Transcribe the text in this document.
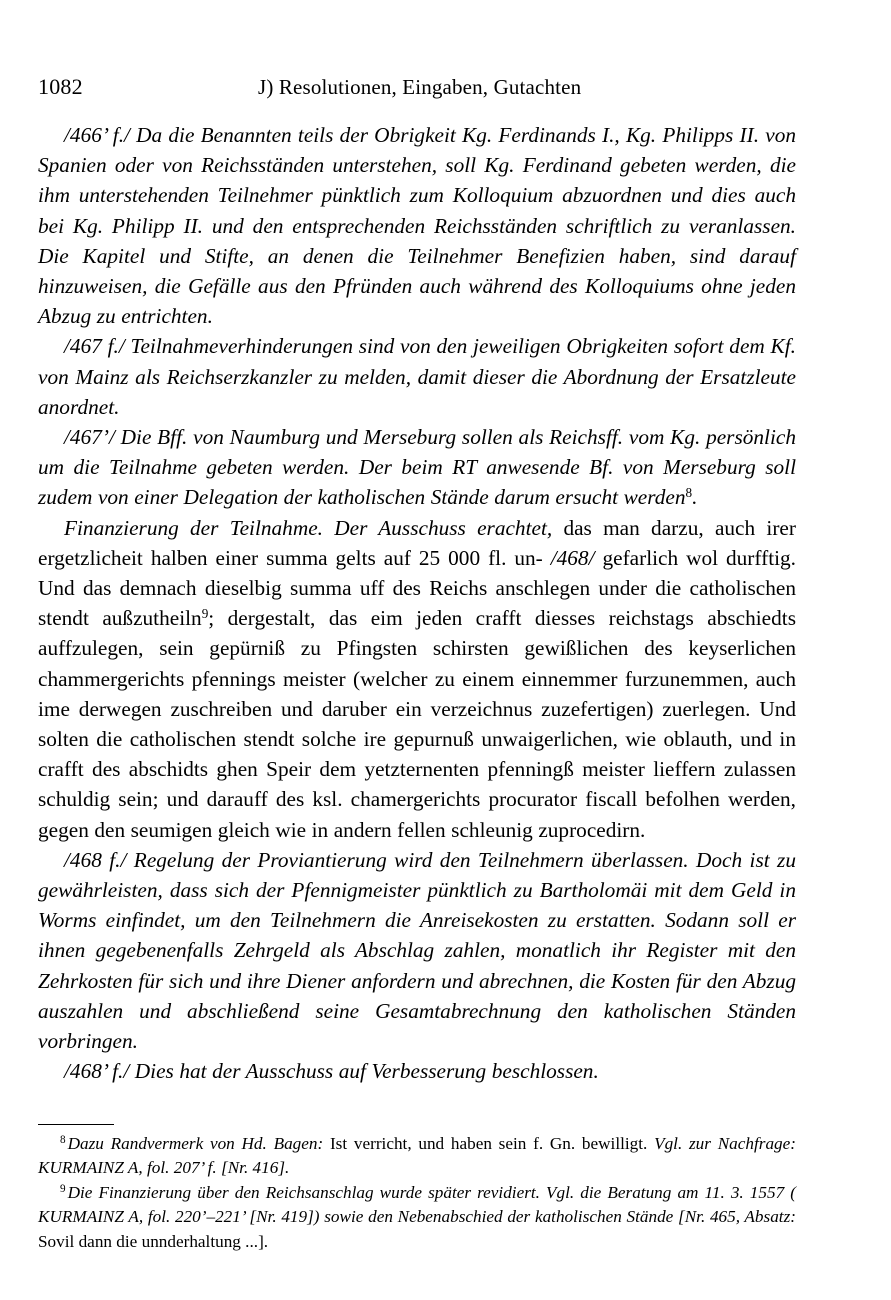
1082	J) Resolutionen, Eingaben, Gutachten

/466’ f./ Da die Benannten teils der Obrigkeit Kg. Ferdinands I., Kg. Philipps II. von Spanien oder von Reichsständen unterstehen, soll Kg. Ferdinand gebeten werden, die ihm unterstehenden Teilnehmer pünktlich zum Kolloquium abzuordnen und dies auch bei Kg. Philipp II. und den entsprechenden Reichsständen schriftlich zu veranlassen. Die Kapitel und Stifte, an denen die Teilnehmer Benefizien haben, sind darauf hinzuweisen, die Gefälle aus den Pfründen auch während des Kolloquiums ohne jeden Abzug zu entrichten.

/467 f./ Teilnahmeverhinderungen sind von den jeweiligen Obrigkeiten sofort dem Kf. von Mainz als Reichserzkanzler zu melden, damit dieser die Abordnung der Ersatzleute anordnet.

/467’/ Die Bff. von Naumburg und Merseburg sollen als Reichsff. vom Kg. persönlich um die Teilnahme gebeten werden. Der beim RT anwesende Bf. von Merseburg soll zudem von einer Delegation der katholischen Stände darum ersucht werden$^8$.

Finanzierung der Teilnahme. Der Ausschuss erachtet, das man darzu, auch irer ergetzlicheit halben einer summa gelts auf 25 000 fl. un- /468/ gefarlich wol durfftig. Und das demnach dieselbig summa uff des Reichs anschlegen under die catholischen stendt außzutheiln$^9$; dergestalt, das eim jeden crafft diesses reichstags abschiedts auffzulegen, sein gepürniß zu Pfingsten schirsten gewißlichen des keyserlichen chammergerichts pfennings meister (welcher zu einem einnemmer furzunemmen, auch ime derwegen zuschreiben und daruber ein verzeichnus zuzefertigen) zuerlegen. Und solten die catholischen stendt solche ire gepurnuß unwaigerlichen, wie oblauth, und in crafft des abschidts ghen Speir dem yetzternenten pfenningß meister lieffern zulassen schuldig sein; und darauff des ksl. chamergerichts procurator fiscall befolhen werden, gegen den seumigen gleich wie in andern fellen schleunig zuprocedirn.

/468 f./ Regelung der Proviantierung wird den Teilnehmern überlassen. Doch ist zu gewährleisten, dass sich der Pfennigmeister pünktlich zu Bartholomäi mit dem Geld in Worms einfindet, um den Teilnehmern die Anreisekosten zu erstatten. Sodann soll er ihnen gegebenenfalls Zehrgeld als Abschlag zahlen, monatlich ihr Register mit den Zehrkosten für sich und ihre Diener anfordern und abrechnen, die Kosten für den Abzug auszahlen und abschließend seine Gesamtabrechnung den katholischen Ständen vorbringen.

/468’ f./ Dies hat der Ausschuss auf Verbesserung beschlossen.

$^8$ Dazu Randvermerk von Hd. Bagen: Ist verricht, und haben sein f. Gn. bewilligt. Vgl. zur Nachfrage: KURMAINZ A, fol. 207’ f. [Nr. 416].

$^9$ Die Finanzierung über den Reichsanschlag wurde später revidiert. Vgl. die Beratung am 11. 3. 1557 ( KURMAINZ A, fol. 220’–221’ [Nr. 419]) sowie den Nebenabschied der katholischen Stände [Nr. 465, Absatz: Sovil dann die unnderhaltung ...].
